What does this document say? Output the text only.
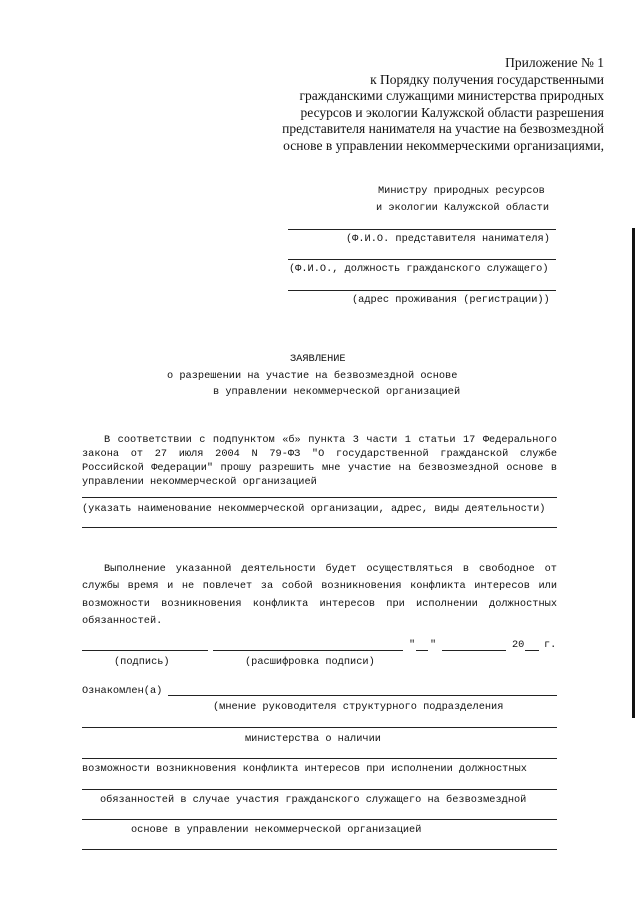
Приложение № 1
к Порядку получения государственными
гражданскими служащими министерства природных
ресурсов и экологии Калужской области разрешения
представителя нанимателя на участие на безвозмездной
основе в управлении некоммерческими организациями,
Министру природных ресурсов
и экологии Калужской области
(Ф.И.О. представителя нанимателя)
(Ф.И.О., должность гражданского служащего)
(адрес проживания (регистрации))
ЗАЯВЛЕНИЕ
о разрешении на участие на безвозмездной основе
в управлении некоммерческой организацией
В соответствии с подпунктом «б» пункта 3 части 1 статьи 17 Федерального закона от 27 июля 2004 N 79-ФЗ "О государственной гражданской службе Российской Федерации" прошу разрешить мне участие на безвозмездной основе в управлении некоммерческой организацией
(указать наименование некоммерческой организации, адрес, виды деятельности)
Выполнение указанной деятельности будет осуществляться в свободное от службы время и не повлечет за собой возникновения конфликта интересов или возможности возникновения конфликта интересов при исполнении должностных обязанностей.
" "	20 г.
(подпись)	(расшифровка подписи)
Ознакомлен(а)
(мнение руководителя структурного подразделения
министерства о наличии
возможности возникновения конфликта интересов при исполнении должностных
обязанностей в случае участия гражданского служащего на безвозмездной
основе в управлении некоммерческой организацией
